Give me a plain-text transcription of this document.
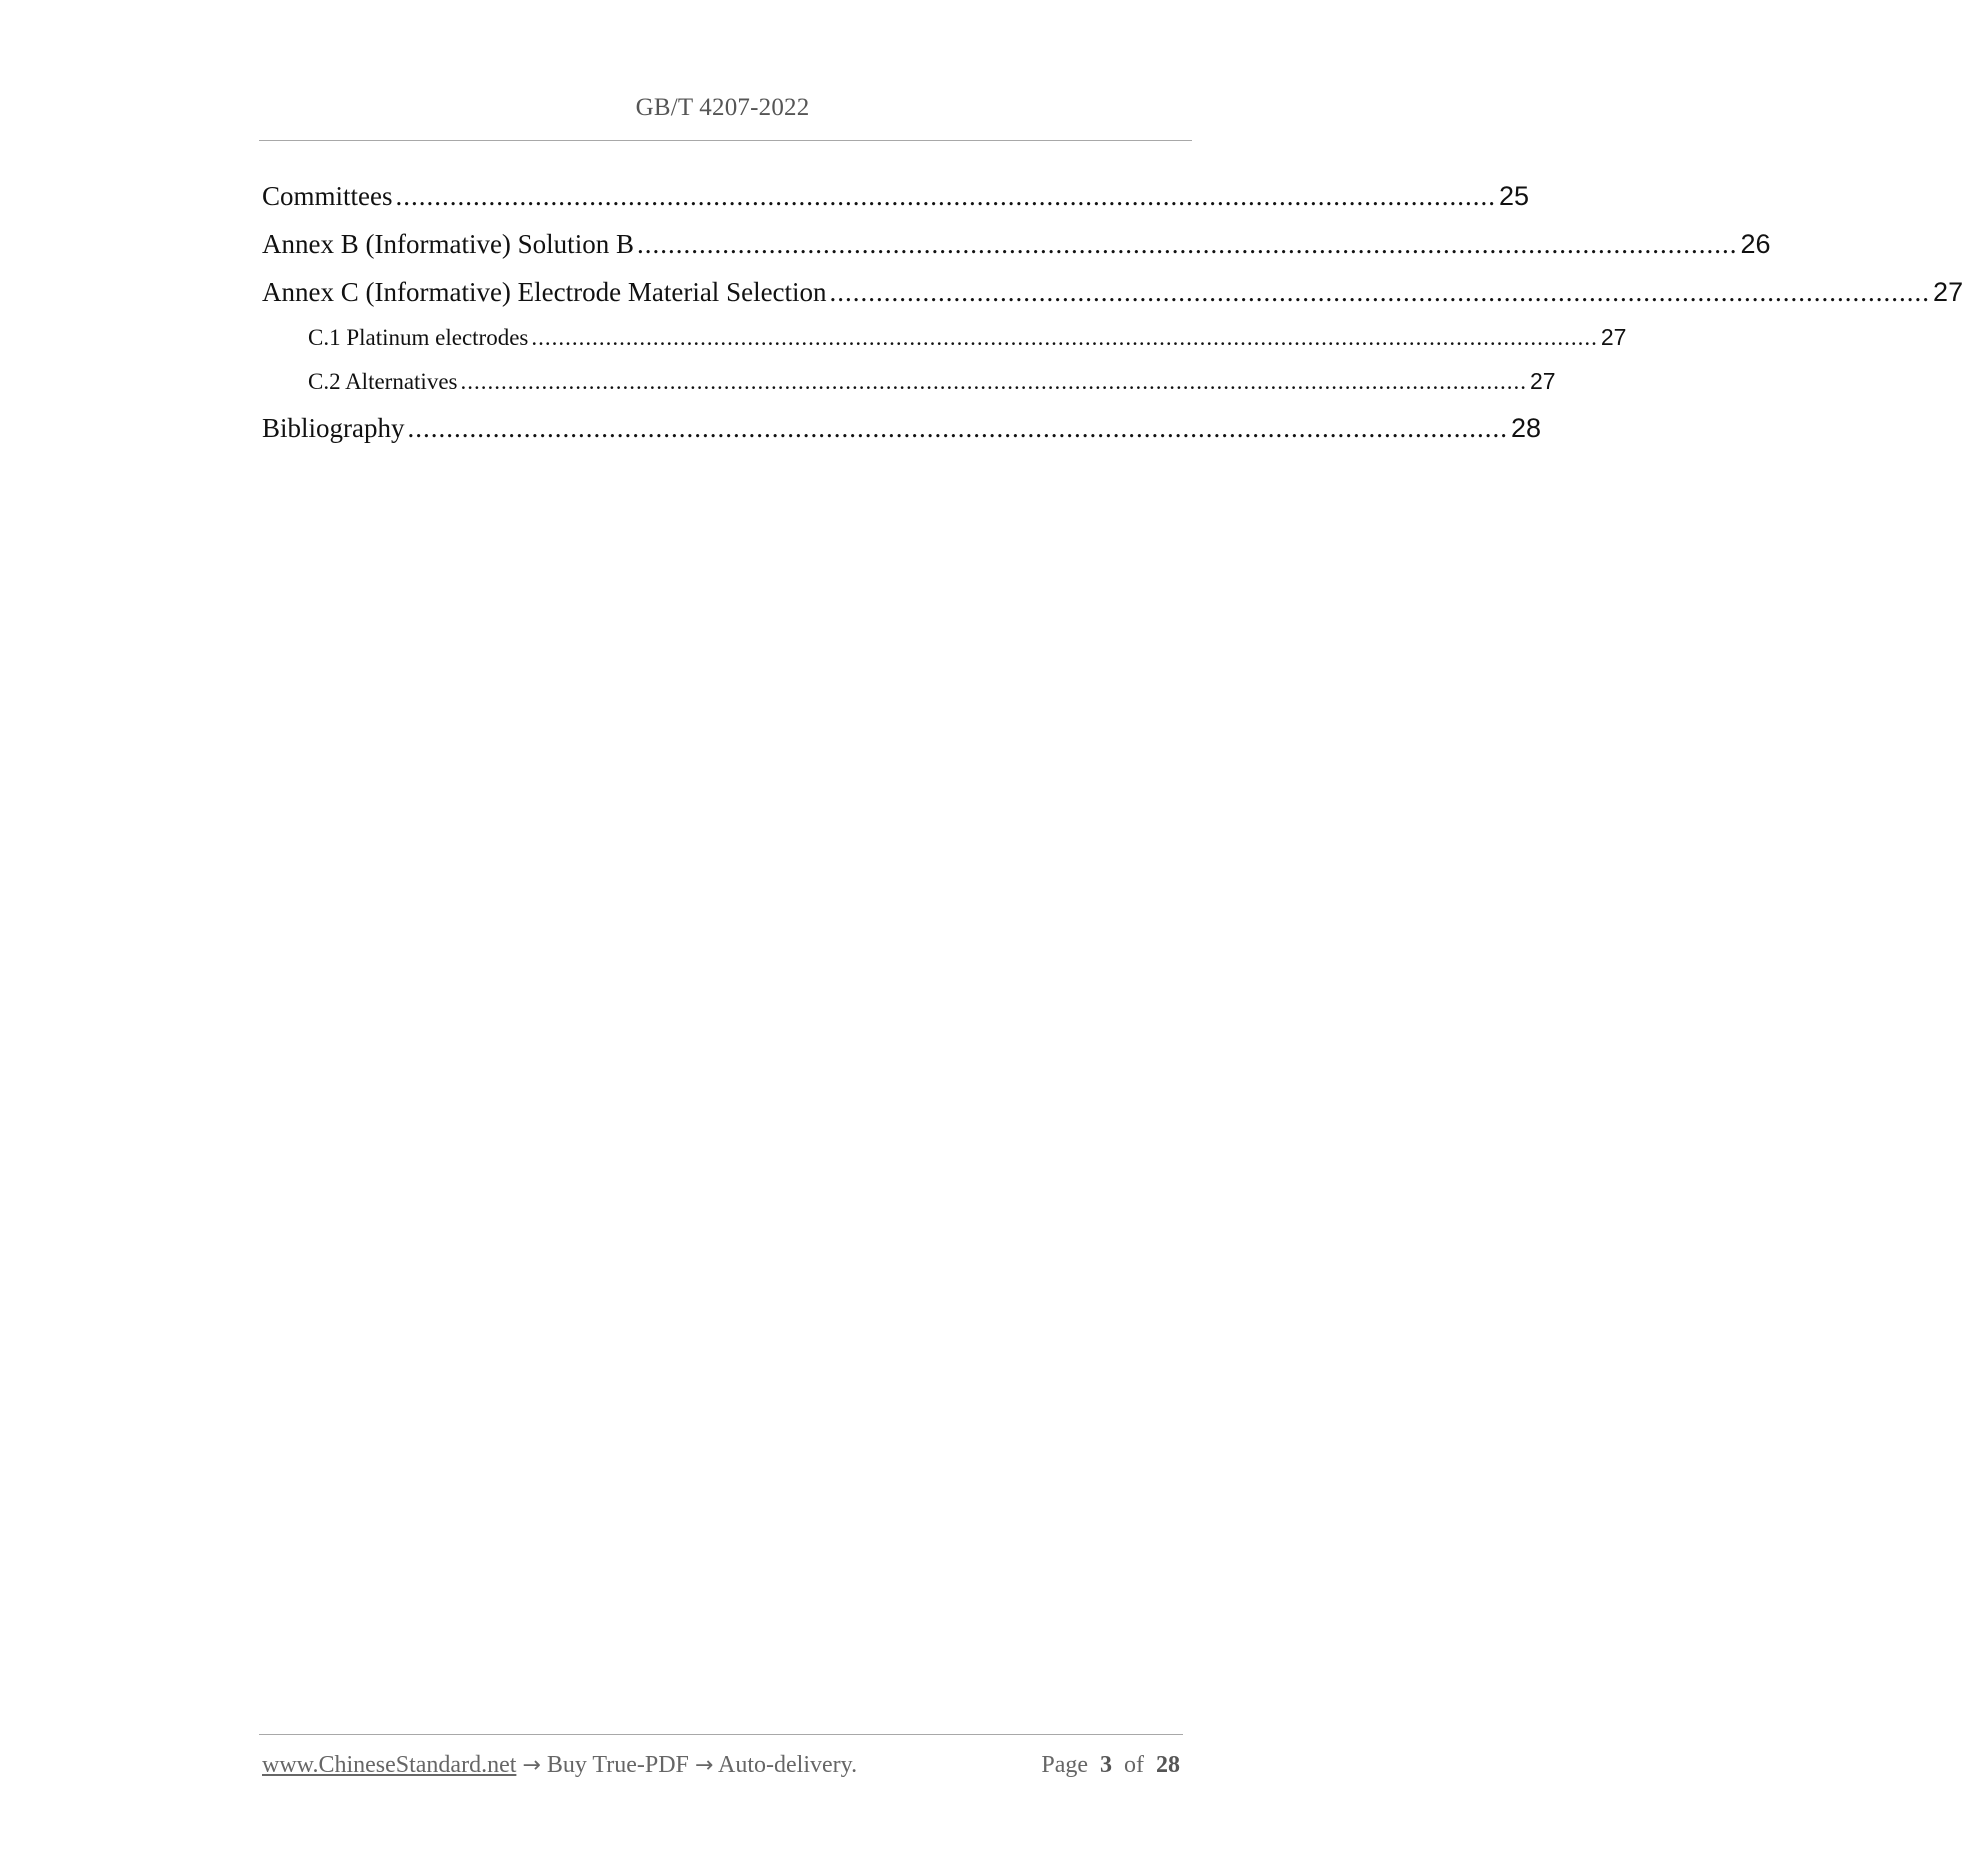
GB/T 4207-2022
Committees .............................................................................................................................................. 25
Annex B (Informative) Solution B .............................................................................................................................................. 26
Annex C (Informative) Electrode Material Selection .............................................................................................................................................. 27
C.1 Platinum electrodes .............................................................................................................................................................. 27
C.2 Alternatives .............................................................................................................................................................. 27
Bibliography .............................................................................................................................................. 28
www.ChineseStandard.net → Buy True-PDF → Auto-delivery.	Page 3 of 28
